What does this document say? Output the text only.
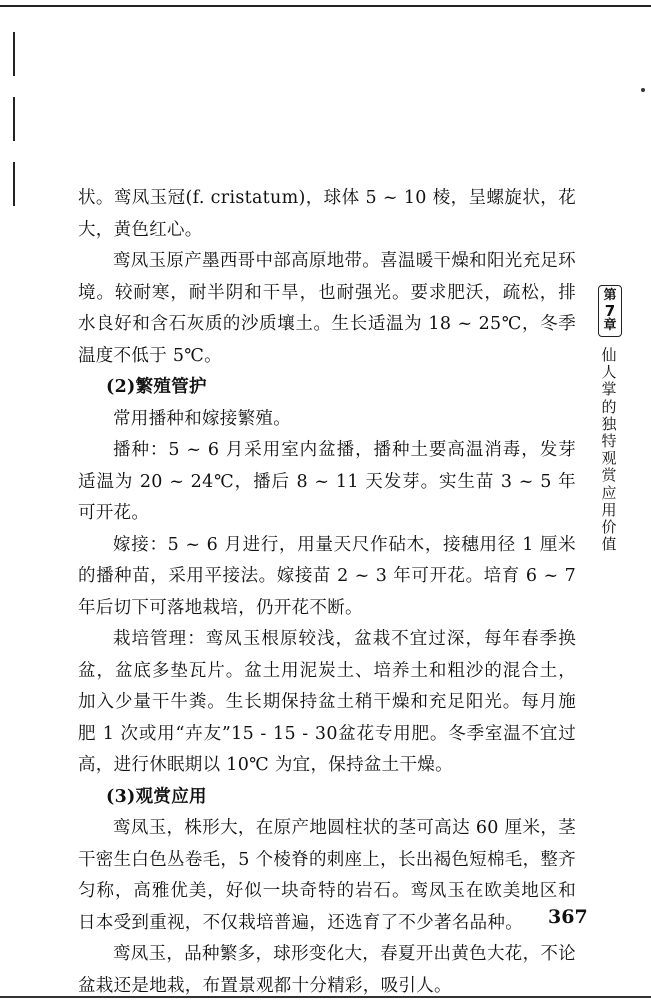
状。鸾凤玉冠(f. cristatum)，球体 5 ~ 10 棱，呈螺旋状，花大，黄色红心。

鸾凤玉原产墨西哥中部高原地带。喜温暖干燥和阳光充足环境。较耐寒，耐半阴和干旱，也耐强光。要求肥沃，疏松，排水良好和含石灰质的沙质壤土。生长适温为 18 ~ 25℃，冬季温度不低于 5℃。

(2)繁殖管护

常用播种和嫁接繁殖。

播种：5 ~ 6 月采用室内盆播，播种土要高温消毒，发芽适温为 20 ~ 24℃，播后 8 ~ 11 天发芽。实生苗 3 ~ 5 年可开花。

嫁接：5 ~ 6 月进行，用量天尺作砧木，接穗用径 1 厘米的播种苗，采用平接法。嫁接苗 2 ~ 3 年可开花。培育 6 ~ 7 年后切下可落地栽培，仍开花不断。

栽培管理：鸾凤玉根原较浅，盆栽不宜过深，每年春季换盆，盆底多垫瓦片。盆土用泥炭土、培养土和粗沙的混合土，加入少量干牛粪。生长期保持盆土稍干燥和充足阳光。每月施肥 1 次或用“卉友”15 - 15 - 30盆花专用肥。冬季室温不宜过高，进行休眠期以 10℃ 为宜，保持盆土干燥。

(3)观赏应用

鸾凤玉，株形大，在原产地圆柱状的茎可高达 60 厘米，茎干密生白色丛卷毛，5 个棱脊的刺座上，长出褐色短棉毛，整齐匀称，高雅优美，好似一块奇特的岩石。鸾凤玉在欧美地区和日本受到重视，不仅栽培普遍，还选育了不少著名品种。

鸾凤玉，品种繁多，球形变化大，春夏开出黄色大花，不论盆栽还是地栽，布置景观都十分精彩，吸引人。

第
7
章
仙人掌的独特观赏应用价值
367
